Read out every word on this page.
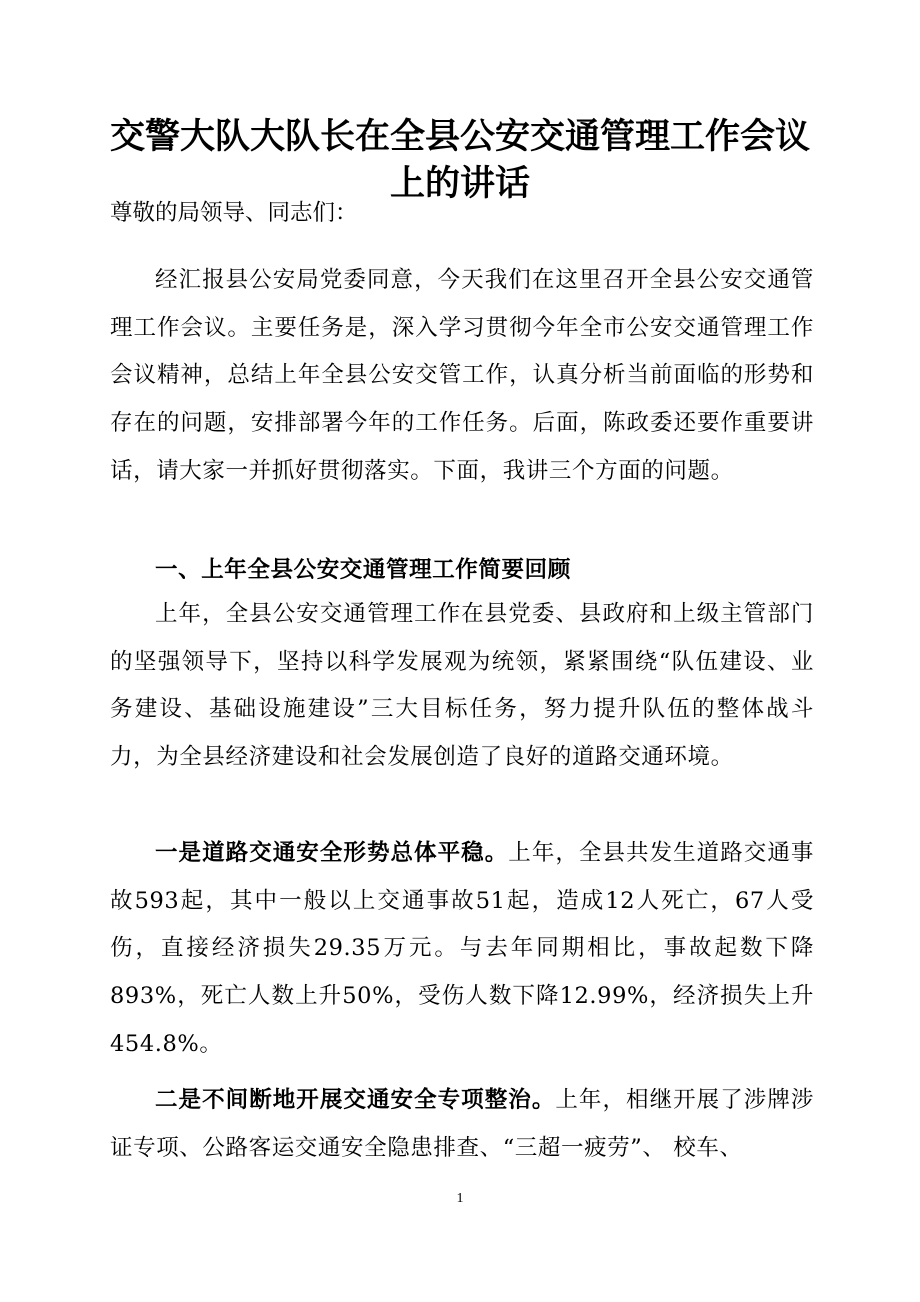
交警大队大队长在全县公安交通管理工作会议
上的讲话

尊敬的局领导、同志们：

经汇报县公安局党委同意，今天我们在这里召开全县公安交通管理工作会议。主要任务是，深入学习贯彻今年全市公安交通管理工作会议精神，总结上年全县公安交管工作，认真分析当前面临的形势和存在的问题，安排部署今年的工作任务。后面，陈政委还要作重要讲话，请大家一并抓好贯彻落实。下面，我讲三个方面的问题。

一、上年全县公安交通管理工作简要回顾

上年，全县公安交通管理工作在县党委、县政府和上级主管部门的坚强领导下，坚持以科学发展观为统领，紧紧围绕“队伍建设、业务建设、基础设施建设”三大目标任务，努力提升队伍的整体战斗力，为全县经济建设和社会发展创造了良好的道路交通环境。

一是道路交通安全形势总体平稳。上年，全县共发生道路交通事故593起，其中一般以上交通事故51起，造成12人死亡，67人受伤，直接经济损失29.35万元。与去年同期相比，事故起数下降893%，死亡人数上升50%，受伤人数下降12.99%，经济损失上升454.8%。

二是不间断地开展交通安全专项整治。上年，相继开展了涉牌涉证专项、公路客运交通安全隐患排查、“三超一疲劳”、 校车、

1
